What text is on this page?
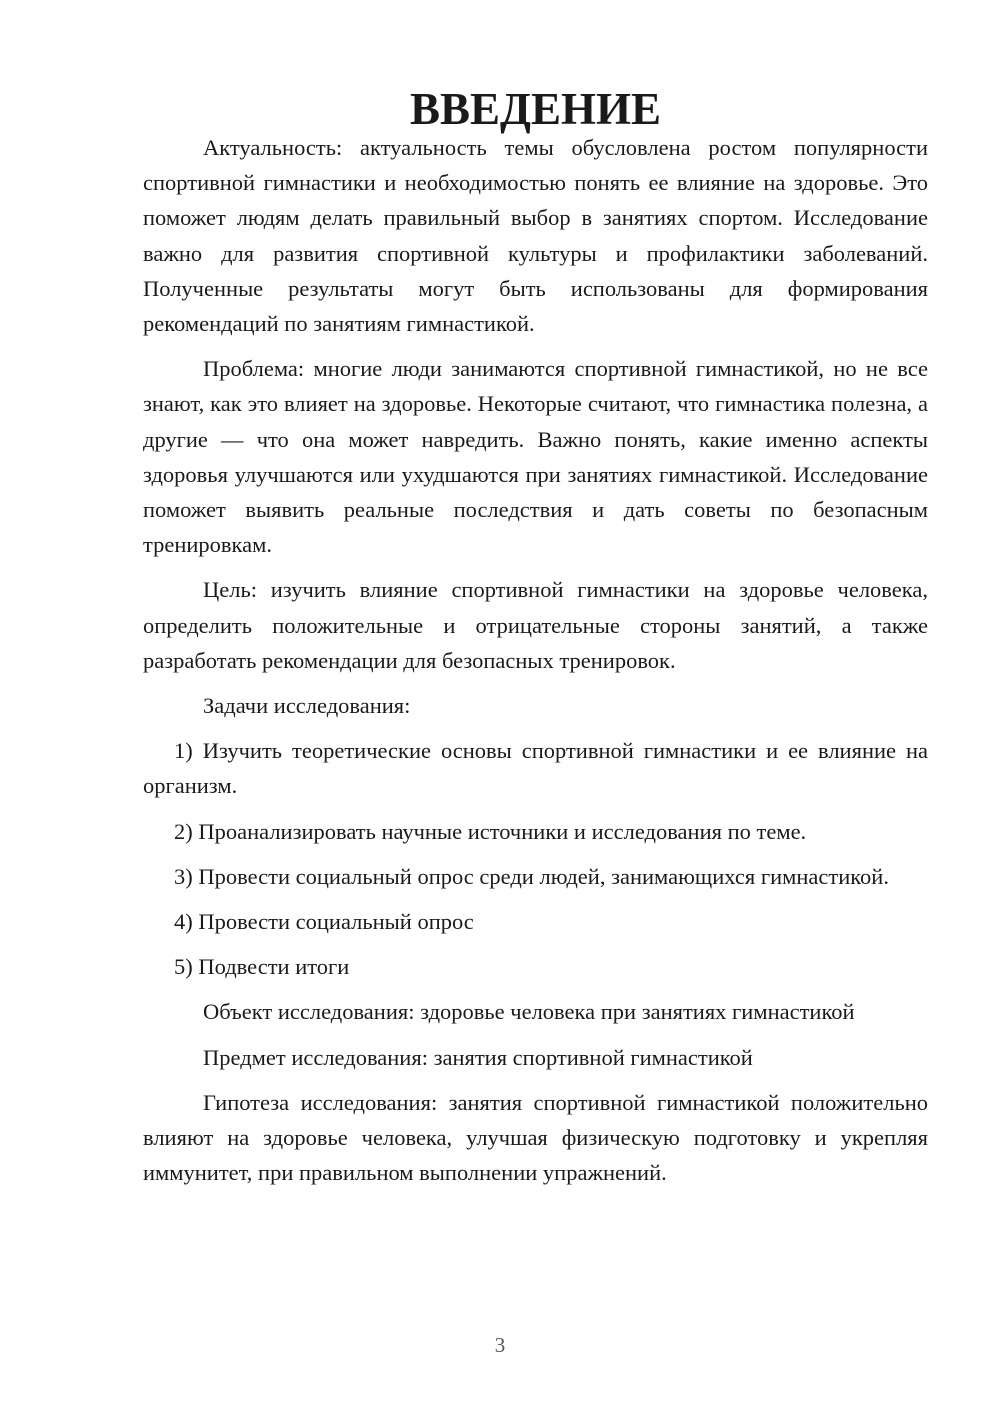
ВВЕДЕНИЕ

Актуальность: актуальность темы обусловлена ростом популярности спортивной гимнастики и необходимостью понять ее влияние на здоровье. Это поможет людям делать правильный выбор в занятиях спортом. Исследование важно для развития спортивной культуры и профилактики заболеваний. Полученные результаты могут быть использованы для формирования рекомендаций по занятиям гимнастикой.

Проблема: многие люди занимаются спортивной гимнастикой, но не все знают, как это влияет на здоровье. Некоторые считают, что гимнастика полезна, а другие — что она может навредить. Важно понять, какие именно аспекты здоровья улучшаются или ухудшаются при занятиях гимнастикой. Исследование поможет выявить реальные последствия и дать советы по безопасным тренировкам.

Цель: изучить влияние спортивной гимнастики на здоровье человека, определить положительные и отрицательные стороны занятий, а также разработать рекомендации для безопасных тренировок.

Задачи исследования:

1) Изучить теоретические основы спортивной гимнастики и ее влияние на организм.

2) Проанализировать научные источники и исследования по теме.

3) Провести социальный опрос среди людей, занимающихся гимнастикой.

4) Провести социальный опрос

5) Подвести итоги

Объект исследования: здоровье человека при занятиях гимнастикой

Предмет исследования: занятия спортивной гимнастикой

Гипотеза исследования: занятия спортивной гимнастикой положительно влияют на здоровье человека, улучшая физическую подготовку и укрепляя иммунитет, при правильном выполнении упражнений.

3
